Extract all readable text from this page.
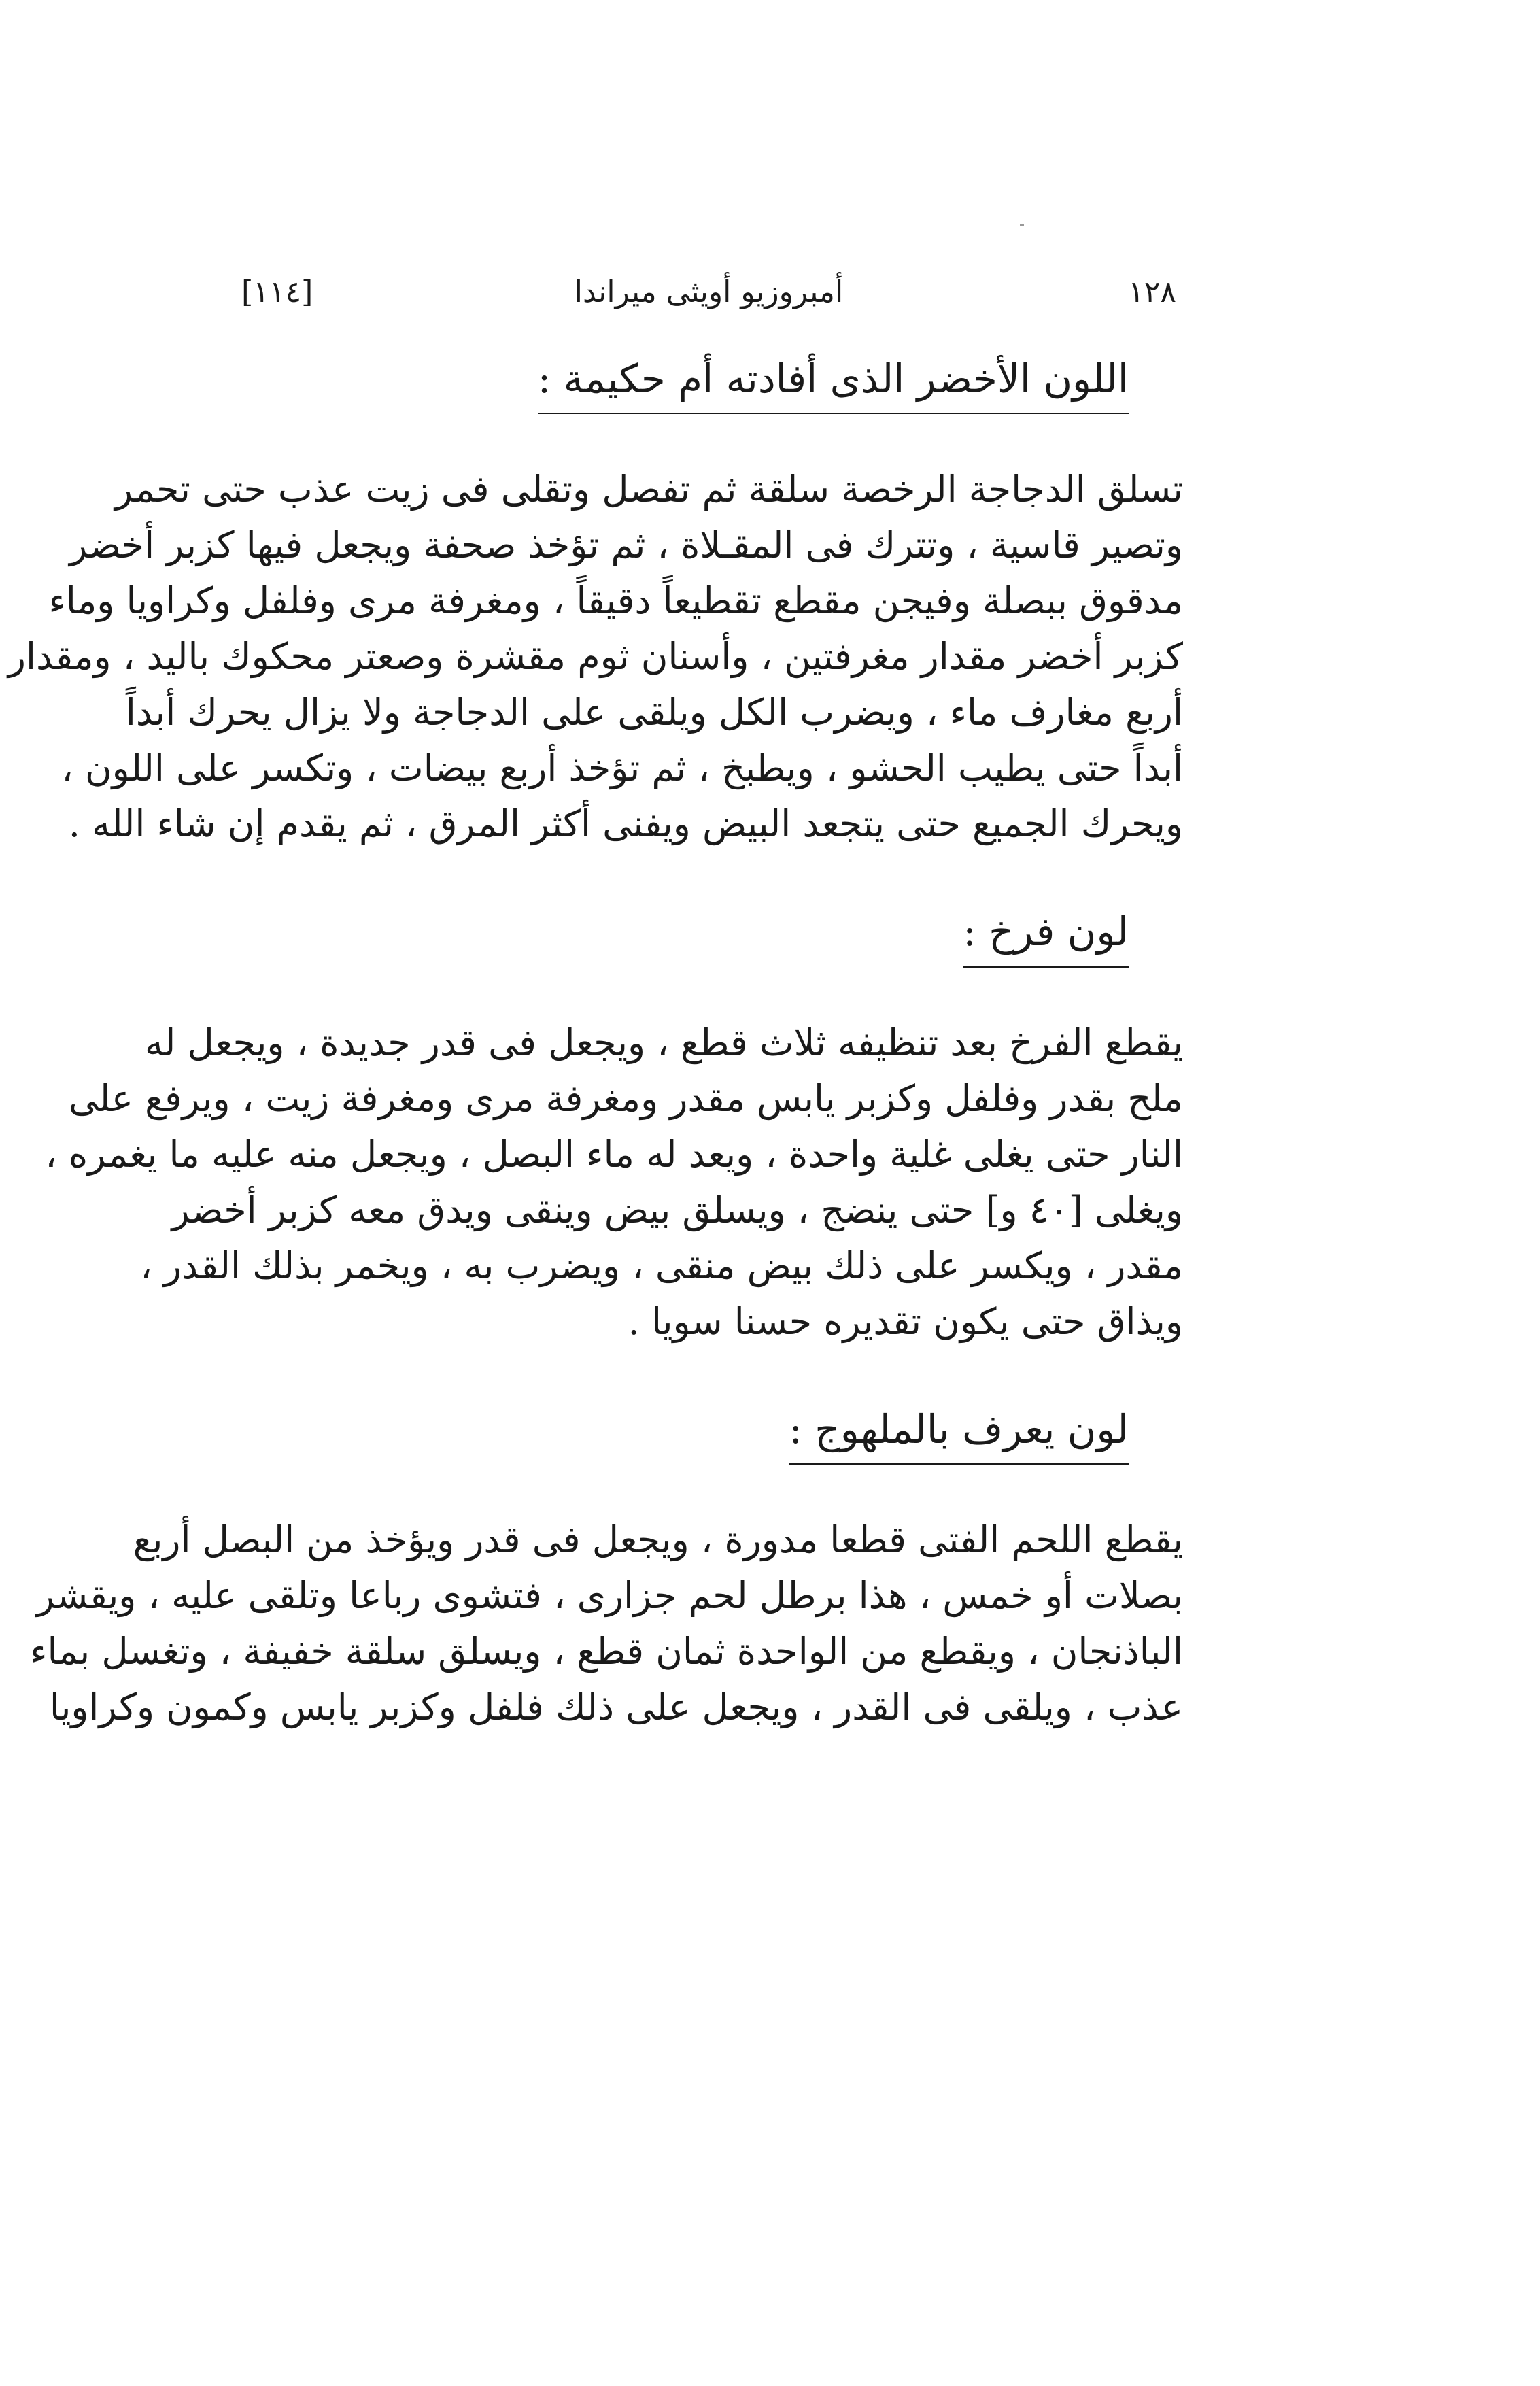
١٢٨
أمبروزيو أويثى ميراندا
[١١٤]
اللون الأخضر الذى أفادته أم حكيمة :

تسلق الدجاجة الرخصة سلقة ثم تفصل وتقلى فى زيت عذب حتى تحمر
وتصير قاسية ، وتترك فى المقـلاة ، ثم تؤخذ صحفة ويجعل فيها كزبر أخضر
مدقوق ببصلة وفيجن مقطع تقطيعاً دقيقاً ، ومغرفة مرى وفلفل وكراويا وماء
كزبر أخضر مقدار مغرفتين ، وأسنان ثوم مقشرة وصعتر محكوك باليد ، ومقدار
أربع مغارف ماء ، ويضرب الكل ويلقى على الدجاجة ولا يزال يحرك أبداً
أبداً حتى يطيب الحشو ، ويطبخ ، ثم تؤخذ أربع بيضات ، وتكسر على اللون ،
ويحرك الجميع حتى يتجعد البيض ويفنى أكثر المرق ، ثم يقدم إن شاء الله .

لون فرخ :

يقطع الفرخ بعد تنظيفه ثلاث قطع ، ويجعل فى قدر جديدة ، ويجعل له
ملح بقدر وفلفل وكزبر يابس مقدر ومغرفة مرى ومغرفة زيت ، ويرفع على
النار حتى يغلى غلية واحدة ، ويعد له ماء البصل ، ويجعل منه عليه ما يغمره ،
ويغلى [٤٠ و] حتى ينضج ، ويسلق بيض وينقى ويدق معه كزبر أخضر
مقدر ، ويكسر على ذلك بيض منقى ، ويضرب به ، ويخمر بذلك القدر ،
ويذاق حتى يكون تقديره حسنا سويا .

لون يعرف بالملهوج :

يقطع اللحم الفتى قطعا مدورة ، ويجعل فى قدر ويؤخذ من البصل أربع
بصلات أو خمس ، هذا برطل لحم جزارى ، فتشوى رباعا وتلقى عليه ، ويقشر
الباذنجان ، ويقطع من الواحدة ثمان قطع ، ويسلق سلقة خفيفة ، وتغسل بماء
عذب ، ويلقى فى القدر ، ويجعل على ذلك فلفل وكزبر يابس وكمون وكراويا
